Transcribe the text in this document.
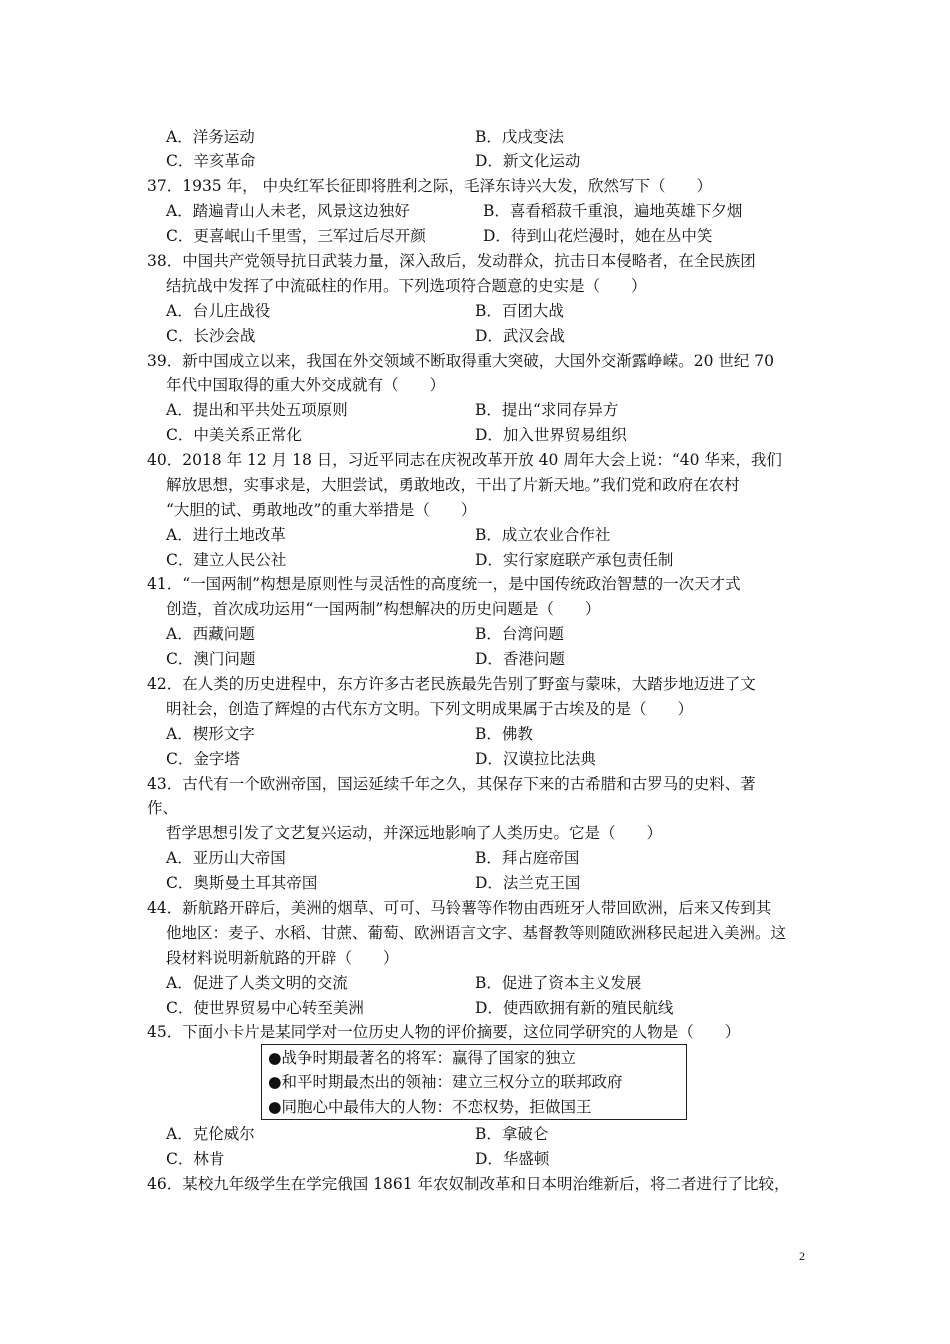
A．洋务运动	B．戊戌变法
C．辛亥革命	D．新文化运动
37．1935 年， 中央红军长征即将胜利之际，毛泽东诗兴大发，欣然写下（　　）
A．踏遍青山人未老，风景这边独好	B．喜看稻菽千重浪，遍地英雄下夕烟
C．更喜岷山千里雪，三军过后尽开颜	D．待到山花烂漫时，她在丛中笑
38．中国共产党领导抗日武装力量，深入敌后，发动群众，抗击日本侵略者，在全民族团
结抗战中发挥了中流砥柱的作用。下列选项符合题意的史实是（　　）
A．台儿庄战役	B．百团大战
C．长沙会战	D．武汉会战
39．新中国成立以来，我国在外交领域不断取得重大突破，大国外交渐露峥嵘。20 世纪 70
年代中国取得的重大外交成就有（　　）
A．提出和平共处五项原则	B．提出“求同存异方
C．中美关系正常化	D．加入世界贸易组织
40．2018 年 12 月 18 日，习近平同志在庆祝改革开放 40 周年大会上说：“40 华来，我们
解放思想，实事求是，大胆尝试，勇敢地改，干出了片新天地。”我们党和政府在农村
“大胆的试、勇敢地改”的重大举措是（　　）
A．进行土地改革	B．成立农业合作社
C．建立人民公社	D．实行家庭联产承包责任制
41．“一国两制”构想是原则性与灵活性的高度统一，是中国传统政治智慧的一次天才式
创造，首次成功运用“一国两制”构想解决的历史问题是（　　）
A．西藏问题	B．台湾问题
C．澳门问题	D．香港问题
42．在人类的历史进程中，东方许多古老民族最先告别了野蛮与蒙味，大踏步地迈进了文
明社会，创造了辉煌的古代东方文明。下列文明成果属于古埃及的是（　　）
A．楔形文字	B．佛教
C．金字塔	D．汉谟拉比法典
43．古代有一个欧洲帝国，国运延续千年之久，其保存下来的古希腊和古罗马的史料、著
作、
哲学思想引发了文艺复兴运动，并深远地影响了人类历史。它是（　　）
A．亚历山大帝国	B．拜占庭帝国
C．奥斯曼土耳其帝国	D．法兰克王国
44．新航路开辟后，美洲的烟草、可可、马铃薯等作物由西班牙人带回欧洲，后来又传到其
他地区：麦子、水稻、甘蔗、葡萄、欧洲语言文字、基督教等则随欧洲移民起进入美洲。这
段材料说明新航路的开辟（　　）
A．促进了人类文明的交流	B．促进了资本主义发展
C．使世界贸易中心转至美洲	D．使西欧拥有新的殖民航线
45．下面小卡片是某同学对一位历史人物的评价摘要，这位同学研究的人物是（　　）
●战争时期最著名的将军：赢得了国家的独立
●和平时期最杰出的领袖：建立三权分立的联邦政府
●同胞心中最伟大的人物：不恋权势，拒做国王
A．克伦威尔	B．拿破仑
C．林肯	D．华盛顿
46．某校九年级学生在学完俄国 1861 年农奴制改革和日本明治维新后，将二者进行了比较，
2
